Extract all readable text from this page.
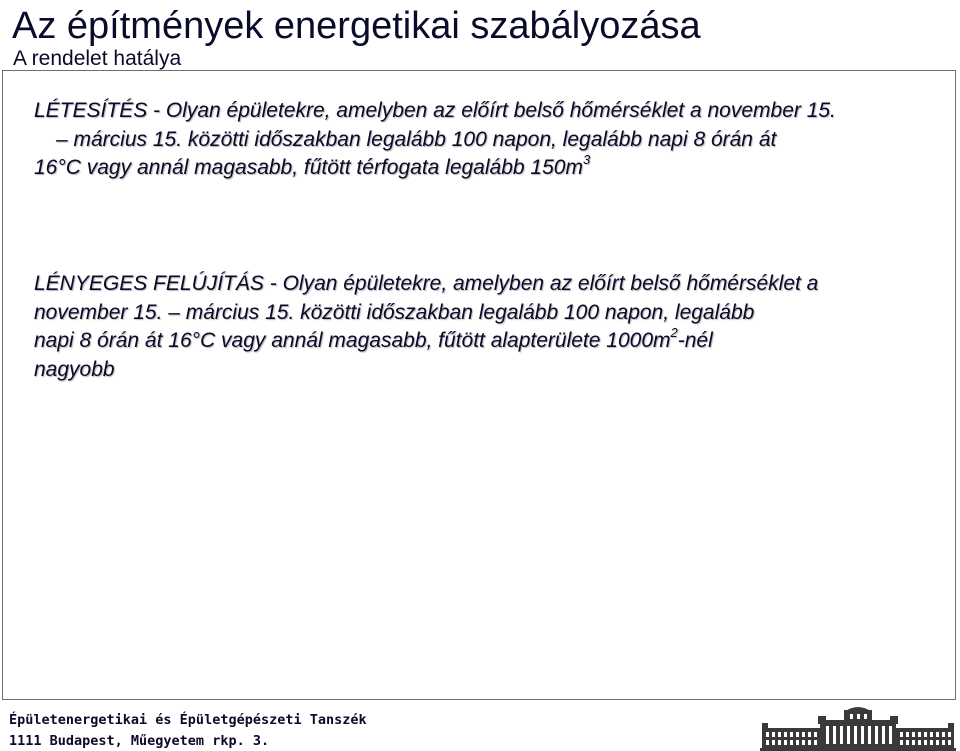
Az építmények energetikai szabályozása
A rendelet hatálya
LÉTESÍTÉS - Olyan épületekre, amelyben az előírt belső hőmérséklet a november 15.
– március 15. közötti időszakban legalább 100 napon, legalább napi 8 órán át
16°C vagy annál magasabb, fűtött térfogata legalább $150m^3$
LÉNYEGES FELÚJÍTÁS - Olyan épületekre, amelyben az előírt belső hőmérséklet a
november 15. – március 15. közötti időszakban legalább 100 napon, legalább
napi 8 órán át 16°C vagy annál magasabb, fűtött alapterülete $1000m^2$-nél
nagyobb
Épületenergetikai és Épületgépészeti Tanszék
1111 Budapest, Műegyetem rkp. 3.
